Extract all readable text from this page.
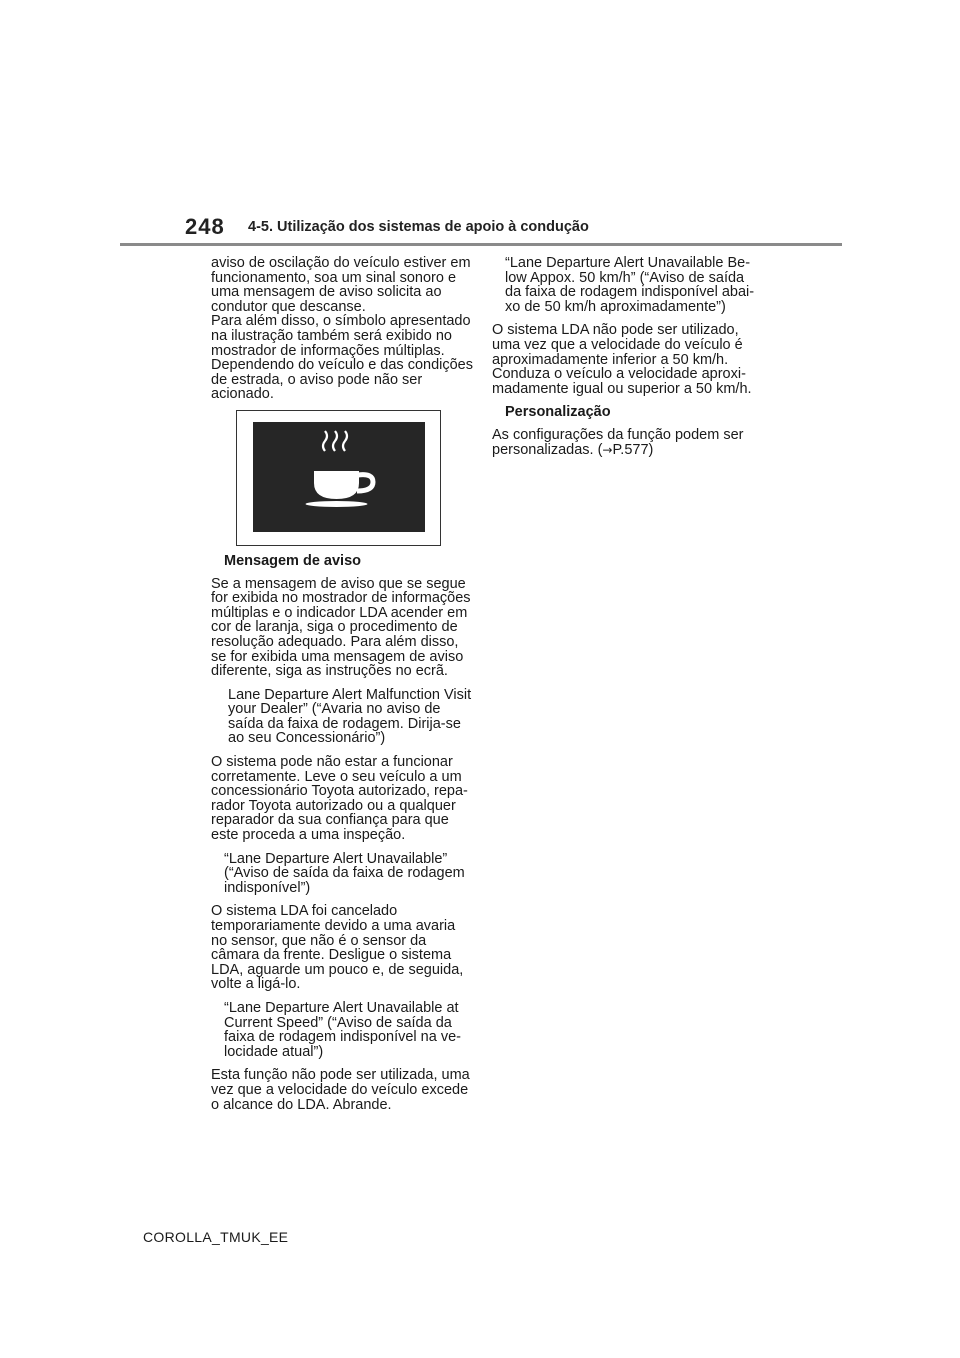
248 4-5. Utilização dos sistemas de apoio à condução

aviso de oscilação do veículo estiver em funcionamento, soa um sinal sonoro e uma mensagem de aviso solicita ao condutor que descanse.
Para além disso, o símbolo apresentado na ilustração também será exibido no mostrador de informações múltiplas.
Dependendo do veículo e das condições de estrada, o aviso pode não ser acionado.

Mensagem de aviso

Se a mensagem de aviso que se segue for exibida no mostrador de informações múltiplas e o indicador LDA acender em cor de laranja, siga o procedimento de resolução adequado. Para além disso, se for exibida uma mensagem de aviso diferente, siga as instruções no ecrã.

Lane Departure Alert Malfunction Visit your Dealer” (“Avaria no aviso de saída da faixa de rodagem. Dirija-se ao seu Concessionário”)

O sistema pode não estar a funcionar corretamente. Leve o seu veículo a um concessionário Toyota autorizado, reparador Toyota autorizado ou a qualquer reparador da sua confiança para que este proceda a uma inspeção.

“Lane Departure Alert Unavailable” (“Aviso de saída da faixa de rodagem indisponível”)

O sistema LDA foi cancelado temporariamente devido a uma avaria no sensor, que não é o sensor da câmara da frente. Desligue o sistema LDA, aguarde um pouco e, de seguida, volte a ligá-lo.

“Lane Departure Alert Unavailable at Current Speed” (“Aviso de saída da faixa de rodagem indisponível na velocidade atual”)

Esta função não pode ser utilizada, uma vez que a velocidade do veículo excede o alcance do LDA. Abrande.

“Lane Departure Alert Unavailable Below Appox. 50 km/h” (“Aviso de saída da faixa de rodagem indisponível abaixo de 50 km/h aproximadamente”)

O sistema LDA não pode ser utilizado, uma vez que a velocidade do veículo é aproximadamente inferior a 50 km/h. Conduza o veículo a velocidade aproximadamente igual ou superior a 50 km/h.

Personalização

As configurações da função podem ser personalizadas. (→P.577)

COROLLA_TMUK_EE
